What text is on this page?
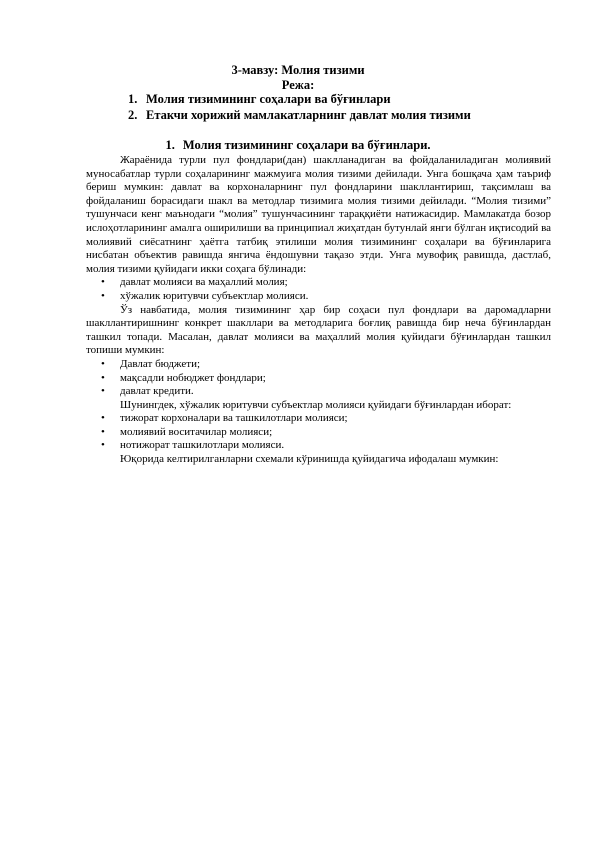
3-мавзу: Молия тизими
Режа:
1. Молия тизимининг соҳалари ва бўғинлари
2. Етакчи хорижий мамлакатларнинг давлат молия тизими
1. Молия тизимининг соҳалари ва бўғинлари.

Жараёнида турли пул фондлари(дан) шаклланадиган ва фойдаланиладиган молиявий муносабатлар турли соҳаларининг мажмуига молия тизими дейилади. Унга бошқача ҳам таъриф бериш мумкин: давлат ва корхоналарнинг пул фондларини шакллантириш, тақсимлаш ва фойдаланиш борасидаги шакл ва методлар тизимига молия тизими дейилади. “Молия тизими” тушунчаси кенг маънодаги “молия” тушунчасининг тараққиёти натижасидир. Мамлакатда бозор ислоҳотларининг амалга оширилиши ва принципиал жиҳатдан бутунлай янги бўлган иқтисодий ва молиявий сиёсатнинг ҳаётга татбиқ этилиши молия тизимининг соҳалари ва бўғинларига нисбатан объектив равишда янгича ёндошувни тақазо этди. Унга мувофиқ равишда, дастлаб, молия тизими қуйидаги икки соҳага бўлинади:

• давлат молияси ва маҳаллий молия;
• хўжалик юритувчи субъектлар молияси.

Ўз навбатида, молия тизимининг ҳар бир соҳаси пул фондлари ва даромадларни шакллантиришнинг конкрет шакллари ва методларига боғлиқ равишда бир неча бўғинлардан ташкил топади. Масалан, давлат молияси ва маҳаллий молия қуйидаги бўғинлардан ташкил топиши мумкин:

• Давлат бюджети;
• мақсадли нобюджет фондлари;
• давлат кредити.

Шунингдек, хўжалик юритувчи субъектлар молияси қуйидаги бўғинлардан иборат:

• тижорат корхоналари ва ташкилотлари молияси;
• молиявий воситачилар молияси;
• нотижорат ташкилотлари молияси.

Юқорида келтирилганларни схемали кўринишда қуйидагича ифодалаш мумкин:
